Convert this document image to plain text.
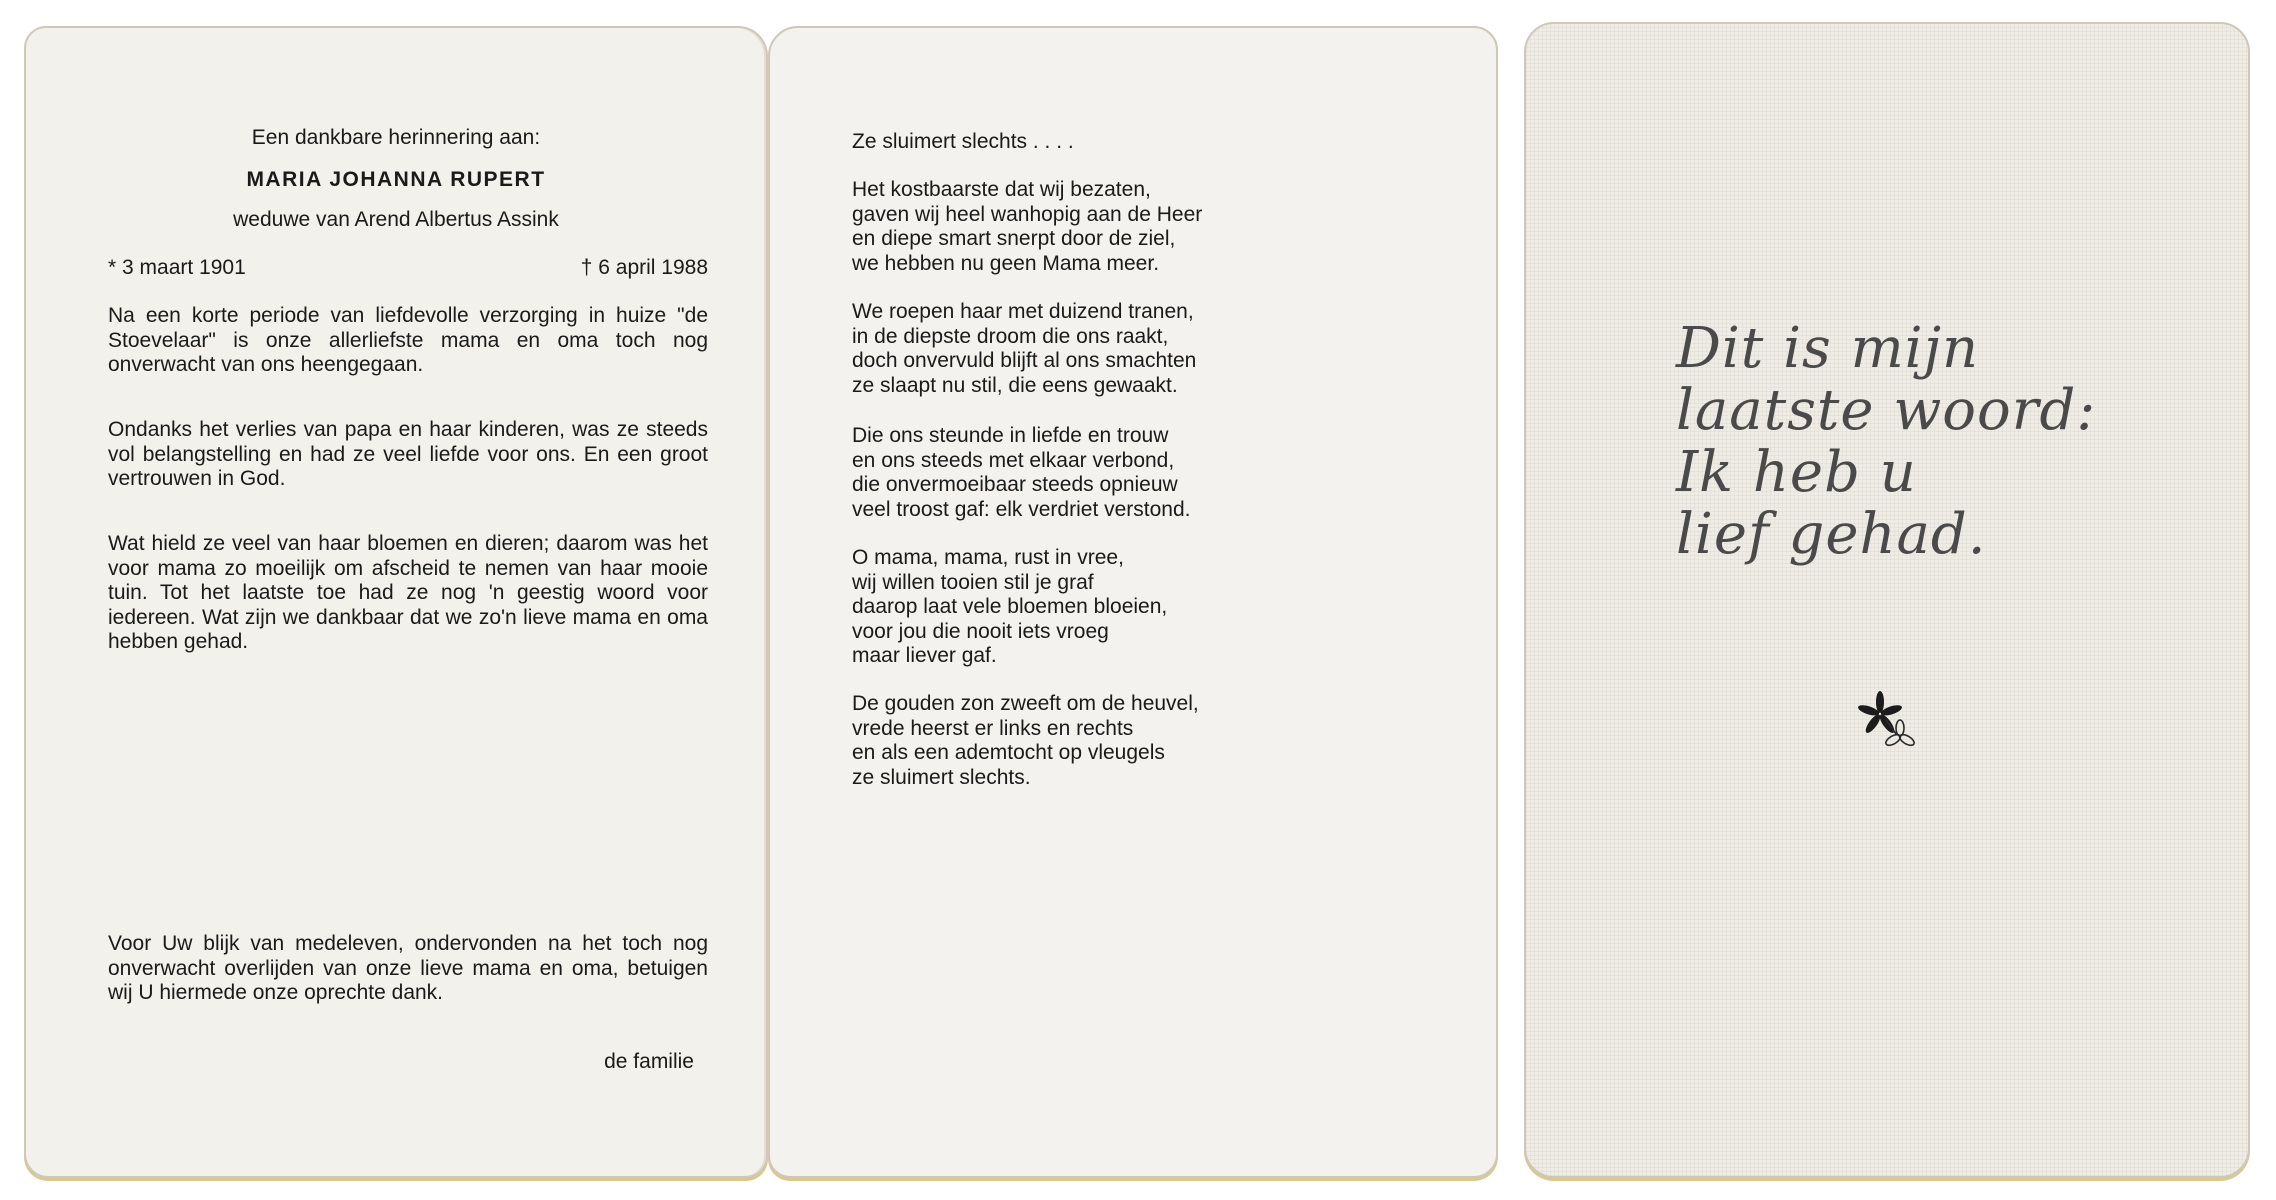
Een dankbare herinnering aan:

MARIA JOHANNA RUPERT

weduwe van Arend Albertus Assink

* 3 maart 1901	† 6 april 1988

Na een korte periode van liefdevolle verzorging in huize "de Stoevelaar" is onze allerliefste mama en oma toch nog onverwacht van ons heengegaan.

Ondanks het verlies van papa en haar kinderen, was ze steeds vol belangstelling en had ze veel liefde voor ons. En een groot vertrouwen in God.

Wat hield ze veel van haar bloemen en dieren; daarom was het voor mama zo moeilijk om afscheid te nemen van haar mooie tuin. Tot het laatste toe had ze nog 'n geestig woord voor iedereen. Wat zijn we dankbaar dat we zo'n lieve mama en oma hebben gehad.

Voor Uw blijk van medeleven, ondervonden na het toch nog onverwacht overlijden van onze lieve mama en oma, betuigen wij U hiermede onze oprechte dank.

de familie

Ze sluimert slechts . . . .

Het kostbaarste dat wij bezaten,
gaven wij heel wanhopig aan de Heer
en diepe smart snerpt door de ziel,
we hebben nu geen Mama meer.

We roepen haar met duizend tranen,
in de diepste droom die ons raakt,
doch onvervuld blijft al ons smachten
ze slaapt nu stil, die eens gewaakt.

Die ons steunde in liefde en trouw
en ons steeds met elkaar verbond,
die onvermoeibaar steeds opnieuw
veel troost gaf: elk verdriet verstond.

O mama, mama, rust in vree,
wij willen tooien stil je graf
daarop laat vele bloemen bloeien,
voor jou die nooit iets vroeg
maar liever gaf.

De gouden zon zweeft om de heuvel,
vrede heerst er links en rechts
en als een ademtocht op vleugels
ze sluimert slechts.

Dit is mijn
laatste woord:
Ik heb u
lief gehad.
